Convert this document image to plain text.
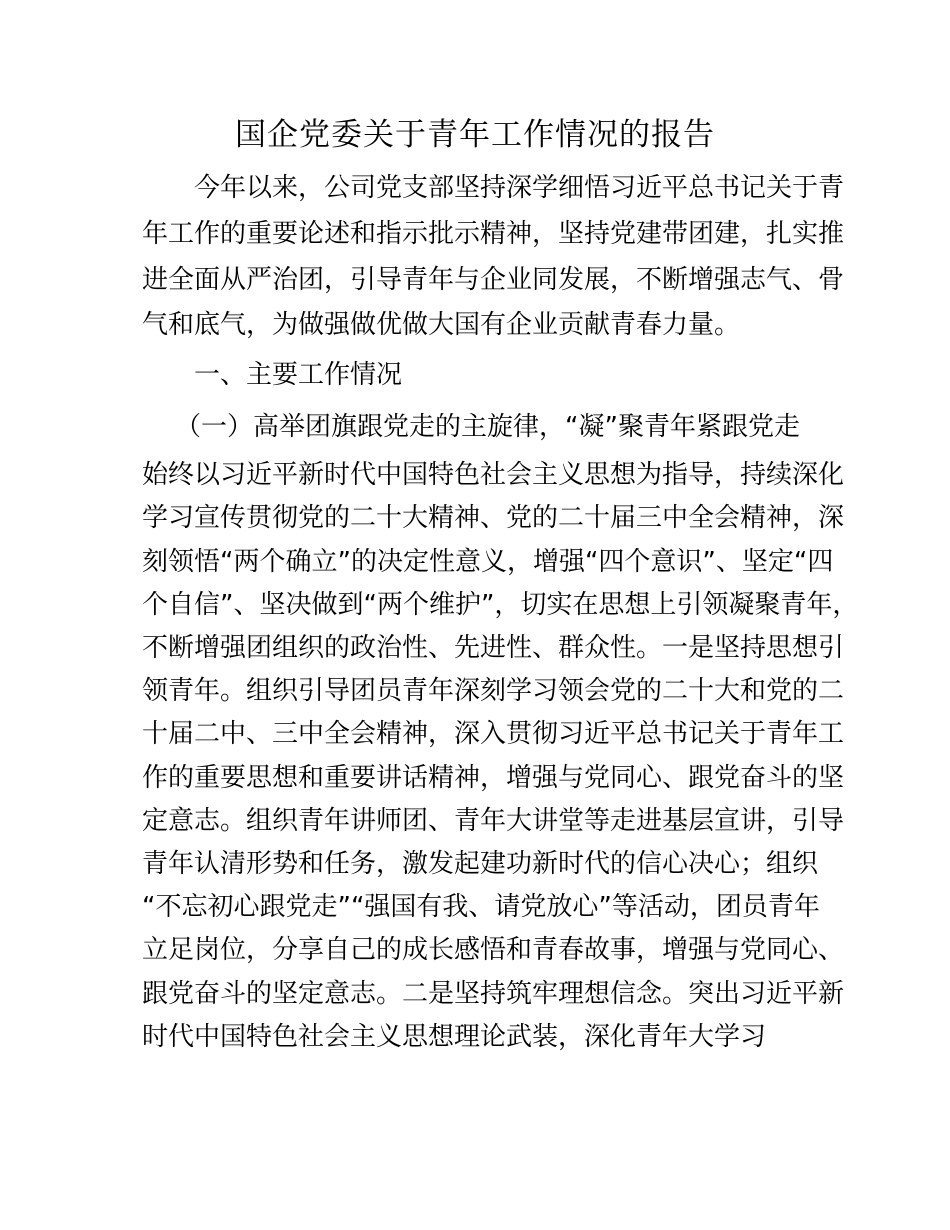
国企党委关于青年工作情况的报告
　　今年以来，公司党支部坚持深学细悟习近平总书记关于青
年工作的重要论述和指示批示精神，坚持党建带团建，扎实推
进全面从严治团，引导青年与企业同发展，不断增强志气、骨
气和底气，为做强做优做大国有企业贡献青春力量。
　　一、主要工作情况
（一）高举团旗跟党走的主旋律，“凝”聚青年紧跟党走
始终以习近平新时代中国特色社会主义思想为指导，持续深化
学习宣传贯彻党的二十大精神、党的二十届三中全会精神，深
刻领悟“两个确立”的决定性意义，增强“四个意识”、坚定“四
个自信”、坚决做到“两个维护”，切实在思想上引领凝聚青年，
不断增强团组织的政治性、先进性、群众性。一是坚持思想引
领青年。组织引导团员青年深刻学习领会党的二十大和党的二
十届二中、三中全会精神，深入贯彻习近平总书记关于青年工
作的重要思想和重要讲话精神，增强与党同心、跟党奋斗的坚
定意志。组织青年讲师团、青年大讲堂等走进基层宣讲，引导
青年认清形势和任务，激发起建功新时代的信心决心；组织
“不忘初心跟党走”“强国有我、请党放心”等活动，团员青年
立足岗位，分享自己的成长感悟和青春故事，增强与党同心、
跟党奋斗的坚定意志。二是坚持筑牢理想信念。突出习近平新
时代中国特色社会主义思想理论武装，深化青年大学习
